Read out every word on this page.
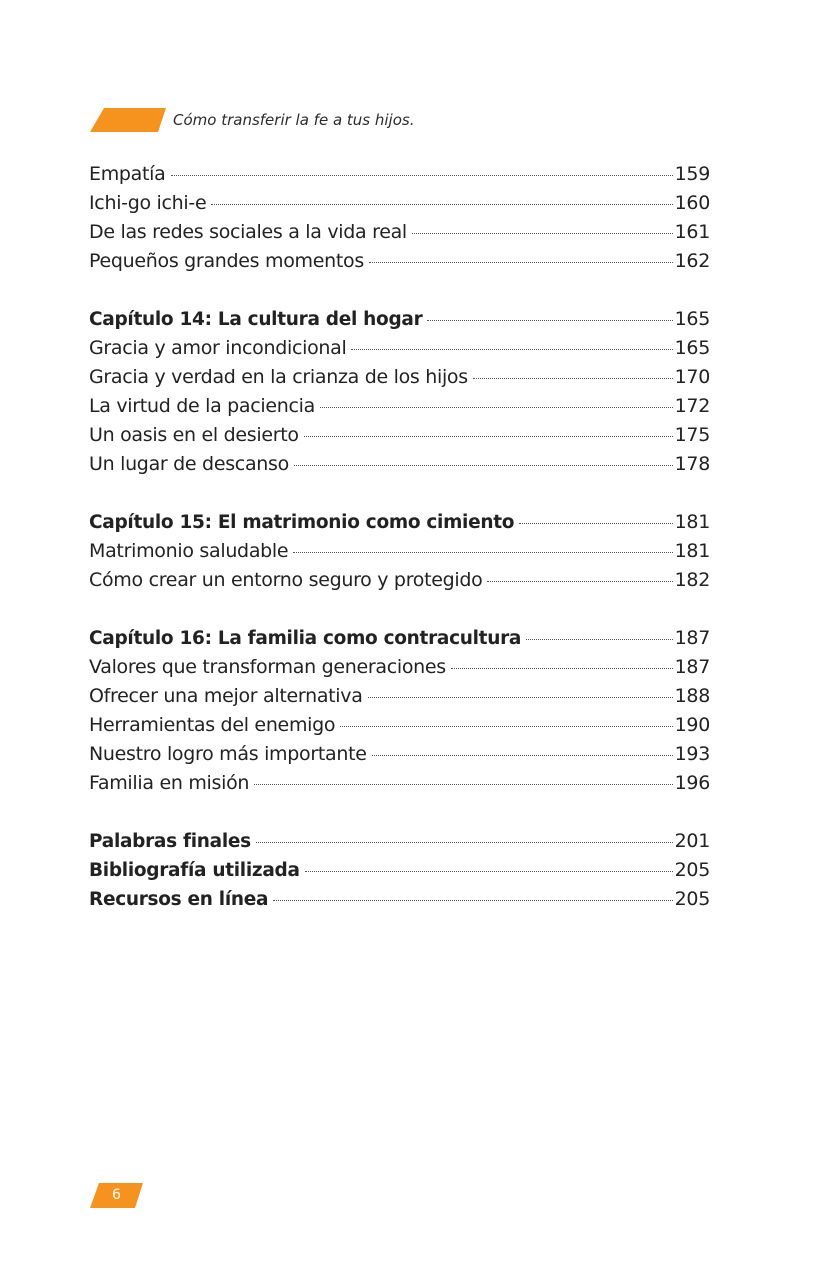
Cómo transferir la fe a tus hijos.
Empatía	159
Ichi-go ichi-e	160
De las redes sociales a la vida real	161
Pequeños grandes momentos	162
Capítulo 14: La cultura del hogar	165
Gracia y amor incondicional	165
Gracia y verdad en la crianza de los hijos	170
La virtud de la paciencia	172
Un oasis en el desierto	175
Un lugar de descanso	178
Capítulo 15: El matrimonio como cimiento	181
Matrimonio saludable	181
Cómo crear un entorno seguro y protegido	182
Capítulo 16: La familia como contracultura	187
Valores que transforman generaciones	187
Ofrecer una mejor alternativa	188
Herramientas del enemigo	190
Nuestro logro más importante	193
Familia en misión	196
Palabras finales	201
Bibliografía utilizada	205
Recursos en línea	205
6
